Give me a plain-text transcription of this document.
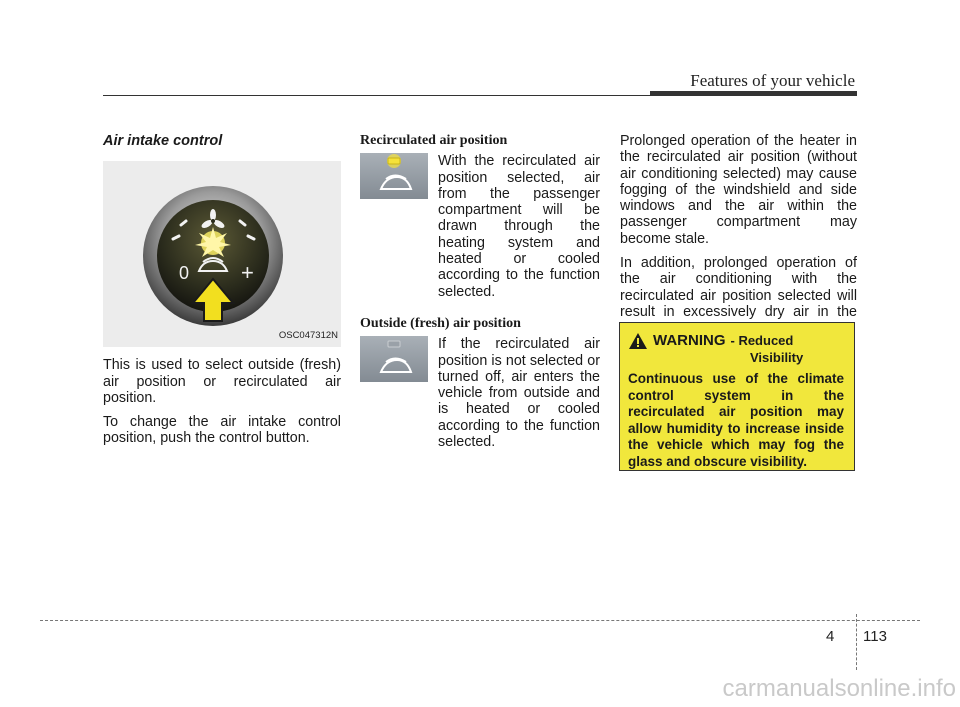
Features of your vehicle

Air intake control

0 +
OSC047312N

This is used to select outside (fresh) air position or recirculated air position.

To change the air intake control position, push the control button.

Recirculated air position
With the recirculated air position selected, air from the passenger compartment will be drawn through the heating system and heated or cooled according to the function selected.
Outside (fresh) air position
If the recirculated air position is not selected or turned off, air enters the vehicle from outside and is heated or cooled according to the function selected.

Prolonged operation of the heater in the recirculated air position (without air conditioning selected) may cause fogging of the windshield and side windows and the air within the passenger compartment may become stale.

In addition, prolonged operation of the air conditioning with the recirculated air position selected will result in excessively dry air in the

WARNING - Reduced
Visibility
Continuous use of the climate control system in the recirculated air position may allow humidity to increase inside the vehicle which may fog the glass and obscure visibility.
4 113
carmanualsonline.info
